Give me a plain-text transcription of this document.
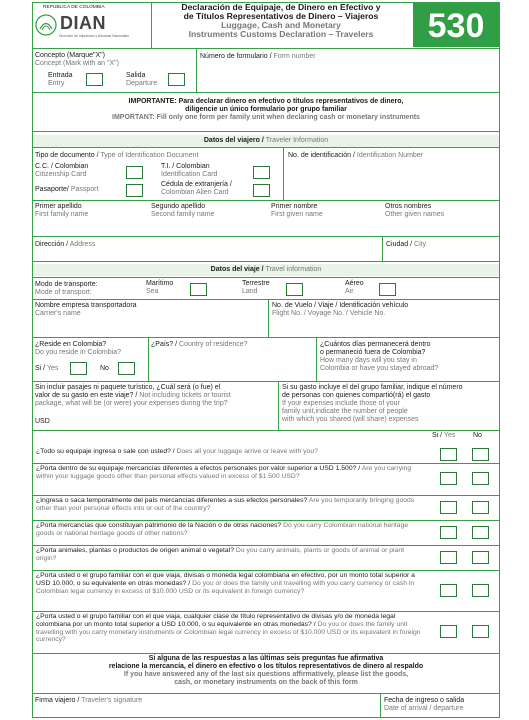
REPÚBLICA DE COLOMBIA
DIAN
Dirección de Impuestos y Aduanas Nacionales
Declaración de Equipaje, de Dinero en Efectivo y
de Títulos Representativos de Dinero – Viajeros
Luggage, Cash and Monetary
Instruments Customs Declaration – Travelers	530
Concepto (Marque"X")
Concept (Mark with an "X")
Entrada
Entry
Salida
Departure
Número de formulario / Form number
IMPORTANTE: Para declarar dinero en efectivo o títulos representativos de dinero,
diligencie un único formulario por grupo familiar
IMPORTANT: Fill only one form per family unit when declaring cash or monetary instruments
Datos del viajero / Traveler Information
Tipo de documento / Type of Identification Document	No. de identificación / Identification Number
C.C. / Colombian
Citizenship Card
T.I. / Colombian
Identification Card
Pasaporte/ Passport
Cédula de extranjería /
Colombian Alien Card
Primer apellido
First family name
Segundo apellido
Second family name
Primer nombre
First given name
Otros nombres
Other given names
Dirección / Address	Ciudad / City
Datos del viaje / Travel information
Modo de transporte:
Mode of transport:
Marítimo
Sea
Terrestre
Land
Aéreo
Air
Nombre empresa transportadora
Carrier's name
No. de Vuelo / Viaje / Identificación vehículo
Flight No. / Voyage No. / Vehicle No.
¿Reside en Colombia?
Do you reside in Colombia?
Si / Yes	No
¿País? / Country of residence?	¿Cuántos días permanecerá dentro
o permaneció fuera de Colombia?
How many days will you stay in
Colombia or have you stayed abroad?
Sin incluir pasajes ni paquete turístico, ¿Cuál será (o fue) el
valor de su gasto en este viaje? / Not including tickets or tourist
package, what will be (or were) your expenses during the trip?
USD
Si su gasto incluye el del grupo familiar, indique el número
de personas con quienes compartió(rá) el gasto
If your expenses include those of your
family unit,indicate the number of people
with which you shared (will share) expenses
Si / Yes	No
¿Todo su equipaje ingresa o sale con usted? / Does all your luggage arrive or leave with you?
¿Porta dentro de su equipaje mercancías diferentes a efectos personales por valor superior a USD 1.500? / Are you carrying within your luggage goods other than personal effects valued in excess of $1.500 USD?
¿Ingresa o saca temporalmente del país mercancías diferentes a sus efectos personales? Are you temporarily bringing goods other than your personal effects into or out of the country?
¿Porta mercancías que constituyan patrimonio de la Nación o de otras naciones? Do you carry Colombian national heritage goods or national heritage goods of other nations?
¿Porta animales, plantas o productos de origen animal o vegetal? Do you carry animals, plants or goods of animal or plant origin?
¿Porta usted o el grupo familiar con el que viaja, divisas o moneda legal colombiana en efectivo, por un monto total superior a USD 10.000, o su equivalente en otras monedas? / Do you or does the family unit travelling with you carry currency or cash in Colombian legal currency in excess of $10.000 USD or its equivalent in foreign currency?
¿Porta usted o el grupo familiar con el que viaja, cualquier clase de título representativo de divisas y/o de moneda legal colombiana por un monto total superior a USD 10.000, o su equivalente en otras monedas? / Do you or does the family unit travelling with you carry monetary instruments or Colombian legal currency in excess of $10.000 USD or its equivalent in foreign currency?
Si alguna de las respuestas a las últimas seis preguntas fue afirmativa
relacione la mercancía, el dinero en efectivo o los títulos representativos de dinero al respaldo
If you have answered any of the last six questions affirmatively, please list the goods,
cash, or monetary instruments on the back of this form
Firma viajero / Traveler's signature	Fecha de ingreso o salida
Date of arrival / departure
